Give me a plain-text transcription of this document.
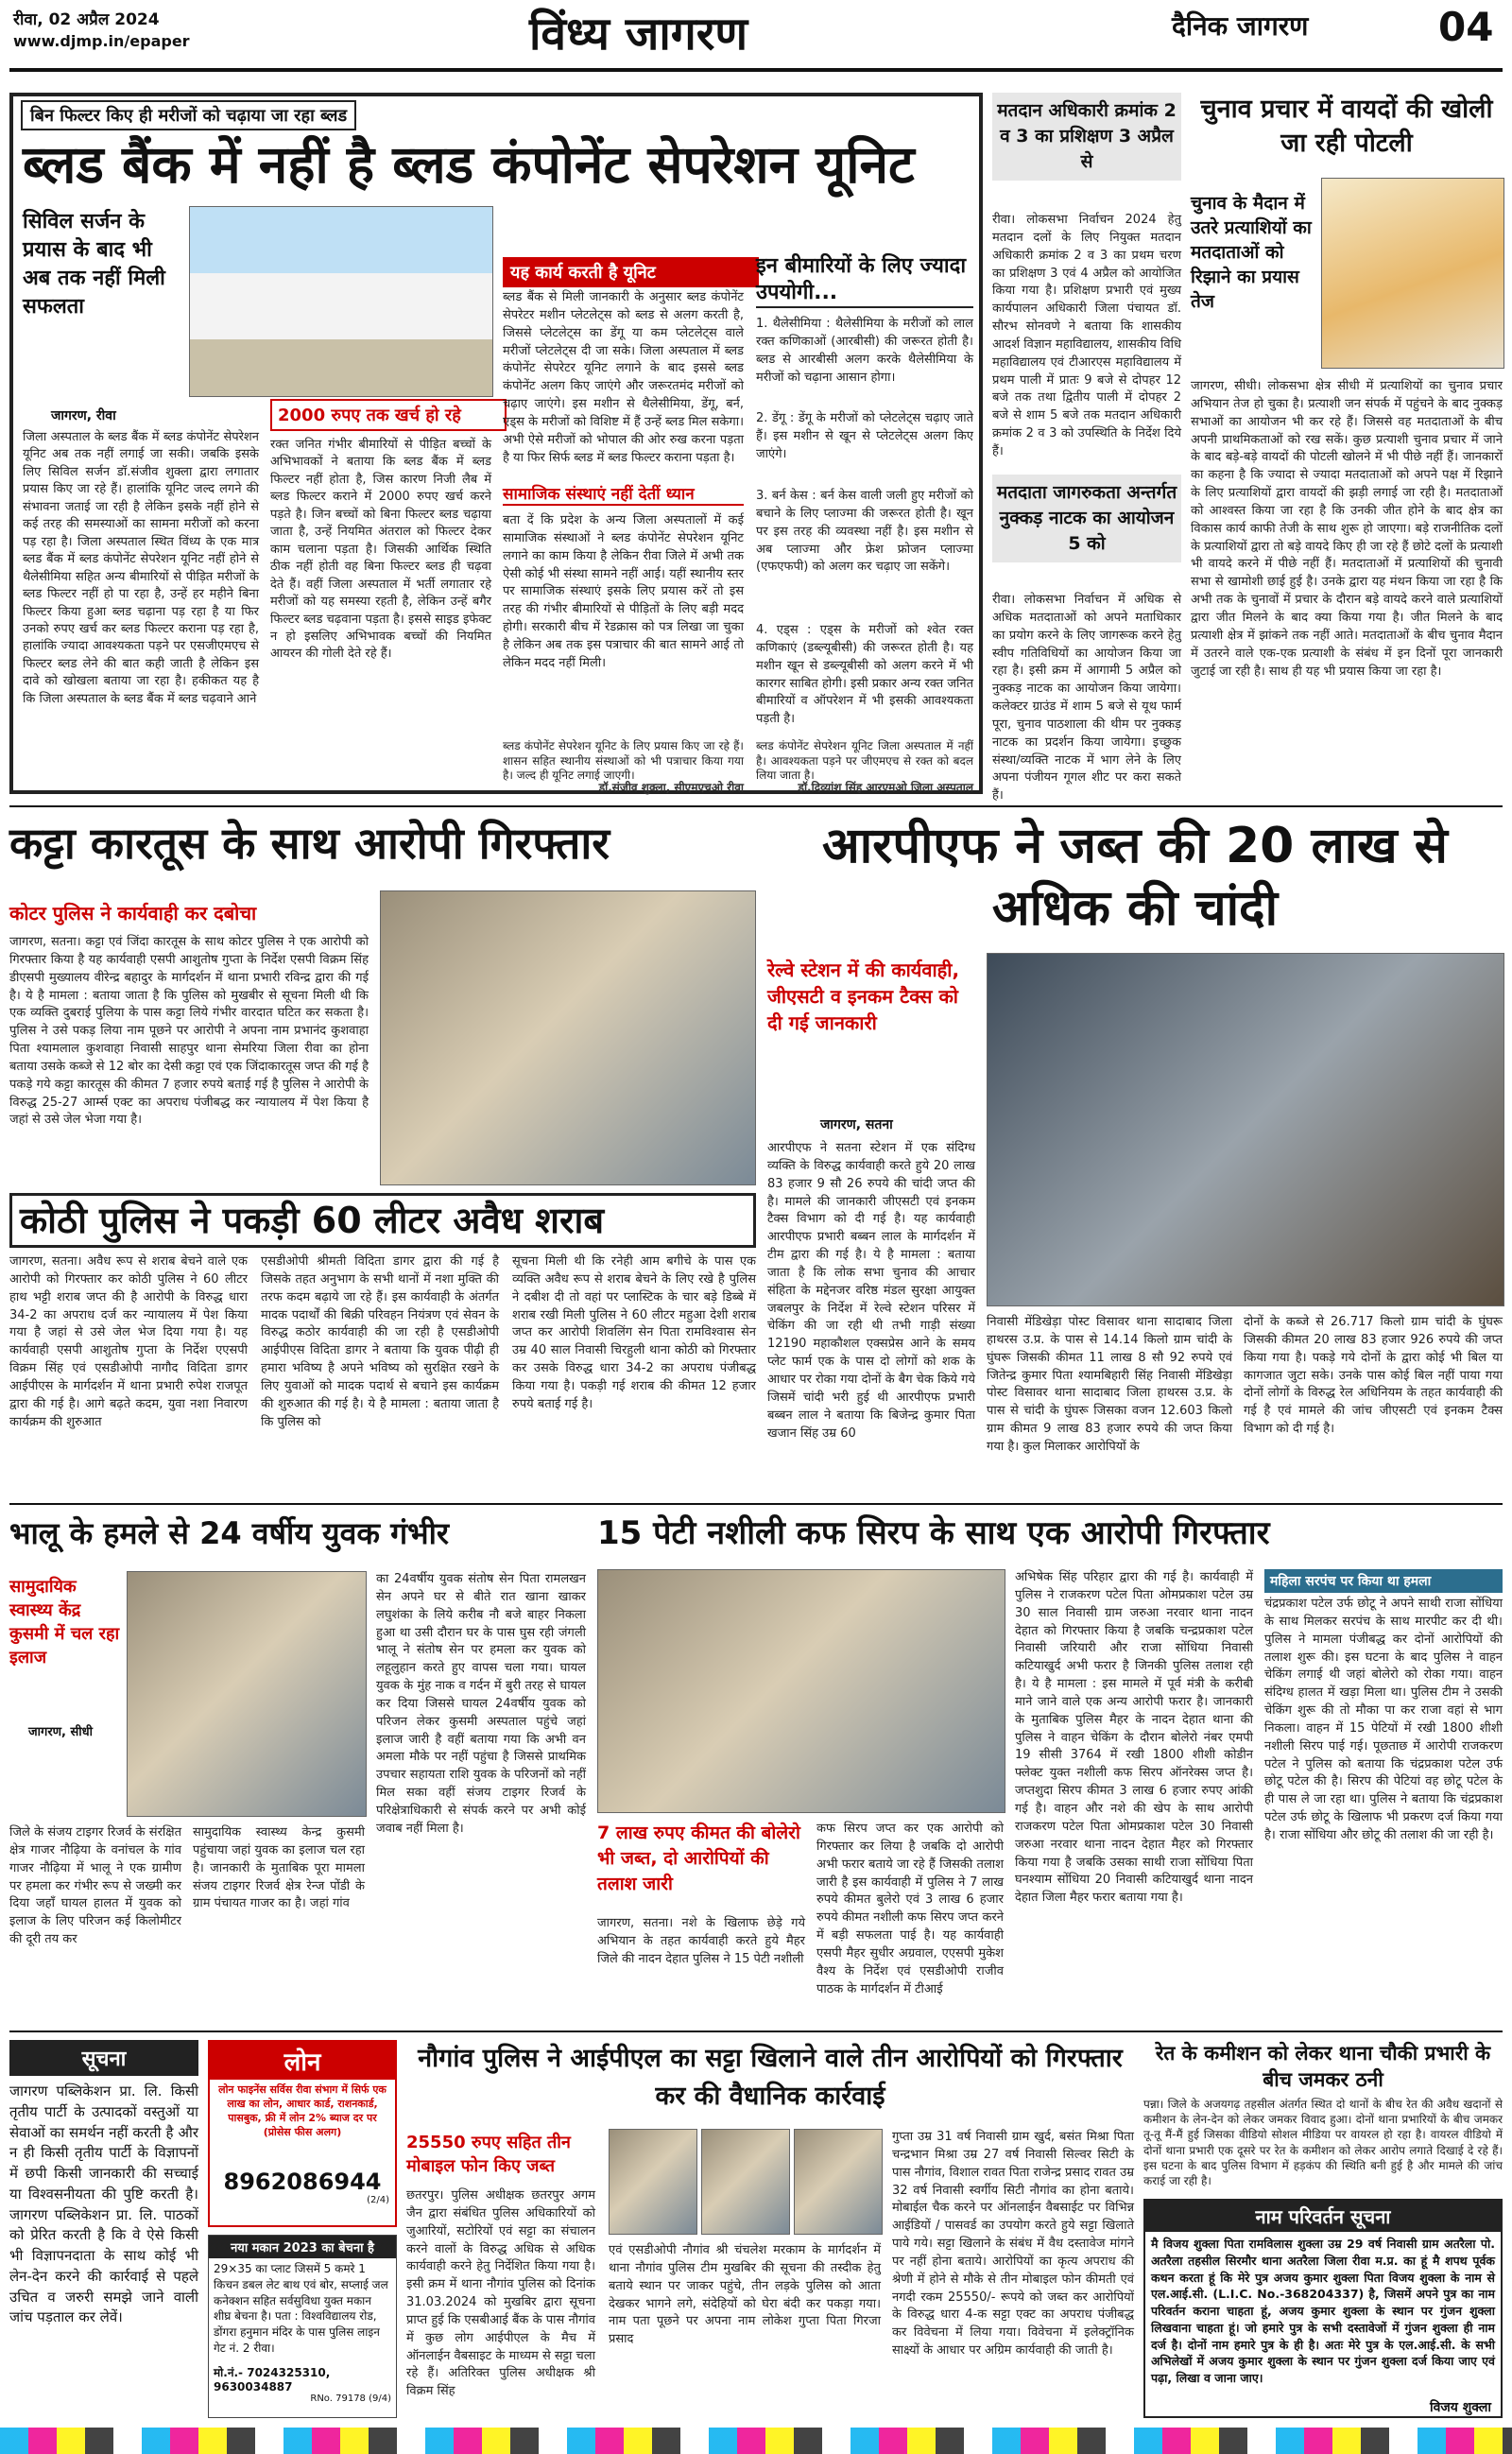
रीवा, 02 अप्रैल 2024
www.djmp.in/epaper	विंध्य जागरण	दैनिक जागरण	04
बिन फिल्टर किए ही मरीजों को चढ़ाया जा रहा ब्लड
ब्लड बैंक में नहीं है ब्लड कंपोनेंट सेपरेशन यूनिट
सिविल सर्जन के प्रयास के बाद भी अब तक नहीं मिली सफलता
जागरण, रीवा
जिला अस्पताल के ब्लड बैंक में ब्लड कंपोनेंट सेपरेशन यूनिट अब तक नहीं लगाई जा सकी। जबकि इसके लिए सिविल सर्जन डॉ.संजीव शुक्ला द्वारा लगातार प्रयास किए जा रहे हैं। हालांकि यूनिट जल्द लगने की संभावना जताई जा रही है लेकिन इसके नहीं होने से कई तरह की समस्याओं का सामना मरीजों को करना पड़ रहा है। जिला अस्पताल स्थित विंध्य के एक मात्र ब्लड बैंक में ब्लड कंपोनेंट सेपरेशन यूनिट नहीं होने से थैलेसीमिया सहित अन्य बीमारियों से पीड़ित मरीजों के ब्लड फिल्टर नहीं हो पा रहा है, उन्हें हर महीने बिना फिल्टर किया हुआ ब्लड चढ़ाना पड़ रहा है या फिर उनको रुपए खर्च कर ब्लड फिल्टर कराना पड़ रहा है, हालांकि ज्यादा आवश्यकता पड़ने पर एसजीएमएच से फिल्टर ब्लड लेने की बात कही जाती है लेकिन इस दावे को खोखला बताया जा रहा है। हकीकत यह है कि जिला अस्पताल के ब्लड बैंक में ब्लड चढ़वाने आने
2000 रुपए तक खर्च हो रहे
रक्त जनित गंभीर बीमारियों से पीड़ित बच्चों के अभिभावकों ने बताया कि ब्लड बैंक में ब्लड फिल्टर नहीं होता है, जिस कारण निजी लैब में ब्लड फिल्टर कराने में 2000 रुपए खर्च करने पड़ते है। जिन बच्चों को बिना फिल्टर ब्लड चढ़ाया जाता है, उन्हें नियमित अंतराल को फिल्टर देकर काम चलाना पड़ता है। जिसकी आर्थिक स्थिति ठीक नहीं होती वह बिना फिल्टर ब्लड ही चढ़वा देते हैं। वहीं जिला अस्पताल में भर्ती लगातार रहे मरीजों को यह समस्या रहती है, लेकिन उन्हें बगैर फिल्टर ब्लड चढ़वाना पड़ता है। इससे साइड इफेक्ट न हो इसलिए अभिभावक बच्चों की नियमित आयरन की गोली देते रहे हैं।
यह कार्य करती है यूनिट
ब्लड बैंक से मिली जानकारी के अनुसार ब्लड कंपोनेंट सेपरेटर मशीन प्लेटलेट्स को ब्लड से अलग करती है, जिससे प्लेटलेट्स का डेंगू या कम प्लेटलेट्स वाले मरीजों प्लेटलेट्स दी जा सके। जिला अस्पताल में ब्लड कंपोनेंट सेपरेटर यूनिट लगाने के बाद इससे ब्लड कंपोनेंट अलग किए जाएंगे और जरूरतमंद मरीजों को चढ़ाए जाएंगे। इस मशीन से थैलेसीमिया, डेंगू, बर्न, एड्स के मरीजों को विशिष्ट में हैं उन्हें ब्लड मिल सकेगा। अभी ऐसे मरीजों को भोपाल की ओर रुख करना पड़ता है या फिर सिर्फ ब्लड में ब्लड फिल्टर कराना पड़ता है।
सामाजिक संस्थाएं नहीं देतीं ध्यान
बता दें कि प्रदेश के अन्य जिला अस्पतालों में कई सामाजिक संस्थाओं ने ब्लड कंपोनेंट सेपरेशन यूनिट लगाने का काम किया है लेकिन रीवा जिले में अभी तक ऐसी कोई भी संस्था सामने नहीं आई। यहीं स्थानीय स्तर पर सामाजिक संस्थाएं इसके लिए प्रयास करें तो इस तरह की गंभीर बीमारियों से पीड़ितों के लिए बड़ी मदद होगी। सरकारी बीच में रेडक्रास को पत्र लिखा जा चुका है लेकिन अब तक इस पत्राचार की बात सामने आई तो लेकिन मदद नहीं मिली।
ब्लड कंपोनेंट सेपरेशन यूनिट के लिए प्रयास किए जा रहे हैं। शासन सहित स्थानीय संस्थाओं को भी पत्राचार किया गया है। जल्द ही यूनिट लगाई जाएगी।
डॉ.संजीव शुक्ला, सीएमएचओ रीवा
इन बीमारियों के लिए ज्यादा उपयोगी...
1. थैलेसीमिया : थैलेसीमिया के मरीजों को लाल रक्त कणिकाओं (आरबीसी) की जरूरत होती है। ब्लड से आरबीसी अलग करके थैलेसीमिया के मरीजों को चढ़ाना आसान होगा।
2. डेंगू : डेंगू के मरीजों को प्लेटलेट्स चढ़ाए जाते हैं। इस मशीन से खून से प्लेटलेट्स अलग किए जाएंगे।
3. बर्न केस : बर्न केस वाली जली हुए मरीजों को बचाने के लिए प्लाज्मा की जरूरत होती है। खून पर इस तरह की व्यवस्था नहीं है। इस मशीन से अब प्लाज्मा और फ्रेश फ्रोजन प्लाज्मा (एफएफपी) को अलग कर चढ़ाए जा सकेंगे।
4. एड्स : एड्स के मरीजों को श्वेत रक्त कणिकाएं (डब्ल्यूबीसी) की जरूरत होती है। यह मशीन खून से डब्ल्यूबीसी को अलग करने में भी कारगर साबित होगी। इसी प्रकार अन्य रक्त जनित बीमारियों व ऑपरेशन में भी इसकी आवश्यकता पड़ती है।
ब्लड कंपोनेंट सेपरेशन यूनिट जिला अस्पताल में नहीं है। आवश्यकता पड़ने पर जीएमएच से रक्त को बदल लिया जाता है।
डॉ.दिव्यांश सिंह आरएमओ जिला अस्पताल
मतदान अधिकारी क्रमांक 2 व 3 का प्रशिक्षण 3 अप्रैल से
रीवा। लोकसभा निर्वाचन 2024 हेतु मतदान दलों के लिए नियुक्त मतदान अधिकारी क्रमांक 2 व 3 का प्रथम चरण का प्रशिक्षण 3 एवं 4 अप्रैल को आयोजित किया गया है। प्रशिक्षण प्रभारी एवं मुख्य कार्यपालन अधिकारी जिला पंचायत डॉ. सौरभ सोनवणे ने बताया कि शासकीय आदर्श विज्ञान महाविद्यालय, शासकीय विधि महाविद्यालय एवं टीआरएस महाविद्यालय में प्रथम पाली में प्रातः 9 बजे से दोपहर 12 बजे तक तथा द्वितीय पाली में दोपहर 2 बजे से शाम 5 बजे तक मतदान अधिकारी क्रमांक 2 व 3 को उपस्थिति के निर्देश दिये हैं।
मतदाता जागरुकता अन्तर्गत नुक्कड़ नाटक का आयोजन 5 को
रीवा। लोकसभा निर्वाचन में अधिक से अधिक मतदाताओं को अपने मताधिकार का प्रयोग करने के लिए जागरूक करने हेतु स्वीप गतिविधियों का आयोजन किया जा रहा है। इसी क्रम में आगामी 5 अप्रैल को नुक्कड़ नाटक का आयोजन किया जायेगा। कलेक्टर ग्राउंड में शाम 5 बजे से यूथ फार्म पूरा, चुनाव पाठशाला की थीम पर नुक्कड़ नाटक का प्रदर्शन किया जायेगा। इच्छुक संस्था/व्यक्ति नाटक में भाग लेने के लिए अपना पंजीयन गूगल शीट पर करा सकते हैं।
चुनाव प्रचार में वायदों की खोली जा रही पोटली
चुनाव के मैदान में उतरे प्रत्याशियों का मतदाताओं को रिझाने का प्रयास तेज
जागरण, सीधी। लोकसभा क्षेत्र सीधी में प्रत्याशियों का चुनाव प्रचार अभियान तेज हो चुका है। प्रत्याशी जन संपर्क में पहुंचने के बाद नुक्कड़ सभाओं का आयोजन भी कर रहे हैं। जिससे वह मतदाताओं के बीच अपनी प्राथमिकताओं को रख सकें। कुछ प्रत्याशी चुनाव प्रचार में जाने के बाद बड़े-बड़े वायदों की पोटली खोलने में भी पीछे नहीं हैं। जानकारों का कहना है कि ज्यादा से ज्यादा मतदाताओं को अपने पक्ष में रिझाने के लिए प्रत्याशियों द्वारा वायदों की झड़ी लगाई जा रही है। मतदाताओं को आश्वस्त किया जा रहा है कि उनकी जीत होने के बाद क्षेत्र का विकास कार्य काफी तेजी के साथ शुरू हो जाएगा। बड़े राजनीतिक दलों के प्रत्याशियों द्वारा तो बड़े वायदे किए ही जा रहे हैं छोटे दलों के प्रत्याशी भी वायदे करने में पीछे नहीं हैं। मतदाताओं में प्रत्याशियों की चुनावी सभा से खामोशी छाई हुई है। उनके द्वारा यह मंथन किया जा रहा है कि अभी तक के चुनावों में प्रचार के दौरान बड़े वायदे करने वाले प्रत्याशियों द्वारा जीत मिलने के बाद क्या किया गया है। जीत मिलने के बाद प्रत्याशी क्षेत्र में झांकने तक नहीं आते। मतदाताओं के बीच चुनाव मैदान में उतरने वाले एक-एक प्रत्याशी के संबंध में इन दिनों पूरा जानकारी जुटाई जा रही है। साथ ही यह भी प्रयास किया जा रहा है।
कट्टा कारतूस के साथ आरोपी गिरफ्तार
कोटर पुलिस ने कार्यवाही कर दबोचा
जागरण, सतना। कट्टा एवं जिंदा कारतूस के साथ कोटर पुलिस ने एक आरोपी को गिरफ्तार किया है यह कार्यवाही एसपी आशुतोष गुप्ता के निर्देश एसपी विक्रम सिंह डीएसपी मुख्यालय वीरेन्द्र बहादुर के मार्गदर्शन में थाना प्रभारी रविन्द्र द्वारा की गई है। ये है मामला : बताया जाता है कि पुलिस को मुखबीर से सूचना मिली थी कि एक व्यक्ति दुबराई पुलिया के पास कट्टा लिये गंभीर वारदात घटित कर सकता है। पुलिस ने उसे पकड़ लिया नाम पूछने पर आरोपी ने अपना नाम प्रभानंद कुशवाहा पिता श्यामलाल कुशवाहा निवासी साहपुर थाना सेमरिया जिला रीवा का होना बताया उसके कब्जे से 12 बोर का देसी कट्टा एवं एक जिंदाकारतूस जप्त की गई है पकड़े गये कट्टा कारतूस की कीमत 7 हजार रुपये बताई गई है पुलिस ने आरोपी के विरुद्ध 25-27 आर्म्स एक्ट का अपराध पंजीबद्ध कर न्यायालय में पेश किया है जहां से उसे जेल भेजा गया है।
आरपीएफ ने जब्त की 20 लाख से अधिक की चांदी
रेल्वे स्टेशन में की कार्यवाही, जीएसटी व इनकम टैक्स को दी गई जानकारी
जागरण, सतना
आरपीएफ ने सतना स्टेशन में एक संदिग्ध व्यक्ति के विरुद्ध कार्यवाही करते हुये 20 लाख 83 हजार 9 सौ 26 रुपये की चांदी जप्त की है। मामले की जानकारी जीएसटी एवं इनकम टैक्स विभाग को दी गई है। यह कार्यवाही आरपीएफ प्रभारी बब्बन लाल के मार्गदर्शन में टीम द्वारा की गई है। ये है मामला : बताया जाता है कि लोक सभा चुनाव की आचार संहिता के मद्देनजर वरिष्ठ मंडल सुरक्षा आयुक्त जबलपुर के निर्देश में रेल्वे स्टेशन परिसर में चेकिंग की जा रही थी तभी गाड़ी संख्या 12190 महाकौशल एक्सप्रेस आने के समय प्लेट फार्म एक के पास दो लोगों को शक के आधार पर रोका गया दोनों के बैग चेक किये गये जिसमें चांदी भरी हुई थी आरपीएफ प्रभारी बब्बन लाल ने बताया कि बिजेन्द्र कुमार पिता खजान सिंह उम्र 60
निवासी मेंडिखेड़ा पोस्ट विसावर थाना सादाबाद जिला हाथरस उ.प्र. के पास से 14.14 किलो ग्राम चांदी के घुंघरू जिसकी कीमत 11 लाख 8 सौ 92 रुपये एवं जितेन्द्र कुमार पिता श्यामबिहारी सिंह निवासी मेंडिखेड़ा पोस्ट विसावर थाना सादाबाद जिला हाथरस उ.प्र. के पास से चांदी के घुंघरू जिसका वजन 12.603 किलो ग्राम कीमत 9 लाख 83 हजार रुपये की जप्त किया गया है। कुल मिलाकर आरोपियों के
दोनों के कब्जे से 26.717 किलो ग्राम चांदी के घुंघरू जिसकी कीमत 20 लाख 83 हजार 926 रुपये की जप्त किया गया है। पकड़े गये दोनों के द्वारा कोई भी बिल या कागजात जुटा सके। उनके पास कोई बिल नहीं पाया गया दोनों लोगों के विरुद्ध रेल अधिनियम के तहत कार्यवाही की गई है एवं मामले की जांच जीएसटी एवं इनकम टैक्स विभाग को दी गई है।
कोठी पुलिस ने पकड़ी 60 लीटर अवैध शराब
जागरण, सतना। अवैध रूप से शराब बेचने वाले एक आरोपी को गिरफ्तार कर कोठी पुलिस ने 60 लीटर हाथ भट्टी शराब जप्त की है आरोपी के विरुद्ध धारा 34-2 का अपराध दर्ज कर न्यायालय में पेश किया गया है जहां से उसे जेल भेज दिया गया है। यह कार्यवाही एसपी आशुतोष गुप्ता के निर्देश एएसपी विक्रम सिंह एवं एसडीओपी नागौद विदिता डागर आईपीएस के मार्गदर्शन में थाना प्रभारी रुपेश राजपूत द्वारा की गई है। आगे बढ़ते कदम, युवा नशा निवारण कार्यक्रम की शुरुआत
एसडीओपी श्रीमती विदिता डागर द्वारा की गई है जिसके तहत अनुभाग के सभी थानों में नशा मुक्ति की तरफ कदम बढ़ाये जा रहे हैं। इस कार्यवाही के अंतर्गत मादक पदार्थों की बिक्री परिवहन नियंत्रण एवं सेवन के विरुद्ध कठोर कार्यवाही की जा रही है एसडीओपी आईपीएस विदिता डागर ने बताया कि युवक पीढ़ी ही हमारा भविष्य है अपने भविष्य को सुरक्षित रखने के लिए युवाओं को मादक पदार्थ से बचाने इस कार्यक्रम की शुरुआत की गई है। ये है मामला : बताया जाता है कि पुलिस को
सूचना मिली थी कि रनेही आम बगीचे के पास एक व्यक्ति अवैध रूप से शराब बेचने के लिए रखे है पुलिस ने दबीश दी तो वहां पर प्लास्टिक के चार बड़े डिब्बे में शराब रखी मिली पुलिस ने 60 लीटर महुआ देशी शराब जप्त कर आरोपी शिवलिंग सेन पिता रामविश्वास सेन उम्र 40 साल निवासी चिरहुली थाना कोठी को गिरफ्तार कर उसके विरुद्ध धारा 34-2 का अपराध पंजीबद्ध किया गया है। पकड़ी गई शराब की कीमत 12 हजार रुपये बताई गई है।
भालू के हमले से 24 वर्षीय युवक गंभीर
सामुदायिक स्वास्थ्य केंद्र कुसमी में चल रहा इलाज
जागरण, सीधी
जिले के संजय टाइगर रिजर्व के संरक्षित क्षेत्र गाजर नौढ़िया के वनांचल के गांव गाजर नौढ़िया में भालू ने एक ग्रामीण पर हमला कर गंभीर रूप से जख्मी कर दिया जहाँ घायल हालत में युवक को इलाज के लिए परिजन कई किलोमीटर की दूरी तय कर
सामुदायिक स्वास्थ्य केन्द्र कुसमी पहुंचाया जहां युवक का इलाज चल रहा है। जानकारी के मुताबिक पूरा मामला संजय टाइगर रिजर्व क्षेत्र रेन्ज पोंडी के ग्राम पंचायत गाजर का है। जहां गांव
का 24वर्षीय युवक संतोष सेन पिता रामलखन सेन अपने घर से बीते रात खाना खाकर लघुशंका के लिये करीब नौ बजे बाहर निकला हुआ था उसी दौरान घर के पास घुस रही जंगली भालू ने संतोष सेन पर हमला कर युवक को लहूलुहान करते हुए वापस चला गया। घायल युवक के मुंह नाक व गर्दन में बुरी तरह से घायल कर दिया जिससे घायल 24वर्षीय युवक को परिजन लेकर कुसमी अस्पताल पहुंचे जहां इलाज जारी है वहीं बताया गया कि अभी वन अमला मौके पर नहीं पहुंचा है जिससे प्राथमिक उपचार सहायता राशि युवक के परिजनों को नहीं मिल सका वहीं संजय टाइगर रिजर्व के परिक्षेत्राधिकारी से संपर्क करने पर अभी कोई जवाब नहीं मिला है।
15 पेटी नशीली कफ सिरप के साथ एक आरोपी गिरफ्तार
7 लाख रुपए कीमत की बोलेरो भी जब्त, दो आरोपियों की तलाश जारी
जागरण, सतना। नशे के खिलाफ छेड़े गये अभियान के तहत कार्यवाही करते हुये मैहर जिले की नादन देहात पुलिस ने 15 पेटी नशीली
कफ सिरप जप्त कर एक आरोपी को गिरफ्तार कर लिया है जबकि दो आरोपी अभी फरार बताये जा रहे हैं जिसकी तलाश जारी है इस कार्यवाही में पुलिस ने 7 लाख रुपये कीमत बुलेरो एवं 3 लाख 6 हजार रुपये कीमत नशीली कफ सिरप जप्त करने में बड़ी सफलता पाई है। यह कार्यवाही एसपी मैहर सुधीर अग्रवाल, एएसपी मुकेश वैश्य के निर्देश एवं एसडीओपी राजीव पाठक के मार्गदर्शन में टीआई
अभिषेक सिंह परिहार द्वारा की गई है। कार्यवाही में पुलिस ने राजकरण पटेल पिता ओमप्रकाश पटेल उम्र 30 साल निवासी ग्राम जरुआ नरवार थाना नादन देहात को गिरफ्तार किया है जबकि चन्द्रप्रकाश पटेल निवासी जरियारी और राजा सोंधिया निवासी कटियाखुर्द अभी फरार है जिनकी पुलिस तलाश रही है। ये है मामला : इस मामले में पूर्व मंत्री के करीबी माने जाने वाले एक अन्य आरोपी फरार है। जानकारी के मुताबिक पुलिस मैहर के नादन देहात थाना की पुलिस ने वाहन चेकिंग के दौरान बोलेरो नंबर एमपी 19 सीसी 3764 में रखी 1800 शीशी कोडीन फ्लेक्ट युक्त नशीली कफ सिरप ऑनरेक्स जप्त है। जप्तशुदा सिरप कीमत 3 लाख 6 हजार रुपए आंकी गई है। वाहन और नशे की खेप के साथ आरोपी राजकरण पटेल पिता ओमप्रकाश पटेल 30 निवासी जरुआ नरवार थाना नादन देहात मैहर को गिरफ्तार किया गया है जबकि उसका साथी राजा सोंधिया पिता घनश्याम सोंधिया 20 निवासी कटियाखुर्द थाना नादन देहात जिला मैहर फरार बताया गया है।
महिला सरपंच पर किया था हमला
चंद्रप्रकाश पटेल उर्फ छोटू ने अपने साथी राजा सोंधिया के साथ मिलकर सरपंच के साथ मारपीट कर दी थी। पुलिस ने मामला पंजीबद्ध कर दोनों आरोपियों की तलाश शुरू की। इस घटना के बाद पुलिस ने वाहन चेकिंग लगाई थी जहां बोलेरो को रोका गया। वाहन संदिग्ध हालत में खड़ा मिला था। पुलिस टीम ने उसकी चेकिंग शुरू की तो मौका पा कर राजा वहां से भाग निकला। वाहन में 15 पेटियों में रखी 1800 शीशी नशीली सिरप पाई गई। पूछताछ में आरोपी राजकरण पटेल ने पुलिस को बताया कि चंद्रप्रकाश पटेल उर्फ छोटू पटेल की है। सिरप की पेटियां वह छोटू पटेल के ही पास ले जा रहा था। पुलिस ने बताया कि चंद्रप्रकाश पटेल उर्फ छोटू के खिलाफ भी प्रकरण दर्ज किया गया है। राजा सोंधिया और छोटू की तलाश की जा रही है।
सूचना
जागरण पब्लिकेशन प्रा. लि. किसी तृतीय पार्टी के उत्पादकों वस्तुओं या सेवाओं का समर्थन नहीं करती है और न ही किसी तृतीय पार्टी के विज्ञापनों में छपी किसी जानकारी की सच्चाई या विश्वसनीयता की पुष्टि करती है। जागरण पब्लिकेशन प्रा. लि. पाठकों को प्रेरित करती है कि वे ऐसे किसी भी विज्ञापनदाता के साथ कोई भी लेन-देन करने की कार्रवाई से पहले उचित व जरुरी समझे जाने वाली जांच पड़ताल कर लेवें।
लोन
लोन फाइनेंस सर्विस रीवा संभाग में सिर्फ एक लाख का लोन, आधार कार्ड, राशनकार्ड, पासबुक, फ्री में लोन 2% ब्याज दर पर (प्रोसेस फीस अलग)
8962086944
(2/4)
नया मकान 2023 का बेचना है
29×35 का प्लाट जिसमें 5 कमरे 1 किचन डबल लेट बाथ एवं बोर, सप्लाई जल कनेक्शन सहित सर्वसुविधा युक्त मकान शीघ्र बेचना है। पता : विश्वविद्यालय रोड, डोंगरा हनुमान मंदिर के पास पुलिस लाइन गेट नं. 2 रीवा।
मो.नं.- 7024325310, 9630034887
RNo. 79178 (9/4)
नौगांव पुलिस ने आईपीएल का सट्टा खिलाने वाले तीन आरोपियों को गिरफ्तार कर की वैधानिक कार्रवाई
25550 रुपए सहित तीन मोबाइल फोन किए जब्त
छतरपुर। पुलिस अधीक्षक छतरपुर अगम जैन द्वारा संबंधित पुलिस अधिकारियों को जुआरियों, सटोरियों एवं सट्टा का संचालन करने वालों के विरुद्ध अधिक से अधिक कार्यवाही करने हेतु निर्देशित किया गया है। इसी क्रम में थाना नौगांव पुलिस को दिनांक 31.03.2024 को मुखबिर द्वारा सूचना प्राप्त हुई कि एसबीआई बैंक के पास नौगांव में कुछ लोग आईपीएल के मैच में ऑनलाईन वैबसाइट के माध्यम से सट्टा चला रहे हैं। अतिरिक्त पुलिस अधीक्षक श्री विक्रम सिंह
एवं एसडीओपी नौगांव श्री चंचलेश मरकाम के मार्गदर्शन में थाना नौगांव पुलिस टीम मुखबिर की सूचना की तस्दीक हेतु बताये स्थान पर जाकर पहुंचे, तीन लड़के पुलिस को आता देखकर भागने लगे, संदेहियों को घेरा बंदी कर पकड़ा गया। नाम पता पूछने पर अपना नाम लोकेश गुप्ता पिता गिरजा प्रसाद
गुप्ता उम्र 31 वर्ष निवासी ग्राम खुर्द, बसंत मिश्रा पिता चन्द्रभान मिश्रा उम्र 27 वर्ष निवासी सिल्वर सिटी के पास नौगांव, विशाल रावत पिता राजेन्द्र प्रसाद रावत उम्र 32 वर्ष निवासी स्वर्गीय सिटी नौगांव का होना बताये। मोबाईल चैक करने पर ऑनलाईन वैबसाईट पर विभिन्न आईडियों / पासवर्ड का उपयोग करते हुये सट्टा खिलाते पाये गये। सट्टा खिलाने के संबंध में वैध दस्तावेज मांगने पर नहीं होना बताये। आरोपियों का कृत्य अपराध की श्रेणी में होने से मौके से तीन मोबाइल फोन कीमती एवं नगदी रकम 25550/- रूपये को जब्त कर आरोपियों के विरुद्ध धारा 4-क सट्टा एक्ट का अपराध पंजीबद्ध कर विवेचना में लिया गया। विवेचना में इलेक्ट्रॉनिक साक्ष्यों के आधार पर अग्रिम कार्यवाही की जाती है।
रेत के कमीशन को लेकर थाना चौकी प्रभारी के बीच जमकर ठनी
पन्ना। जिले के अजयगढ़ तहसील अंतर्गत स्थित दो थानों के बीच रेत की अवैध खदानों से कमीशन के लेन-देन को लेकर जमकर विवाद हुआ। दोनों थाना प्रभारियों के बीच जमकर तू-तू मैं-मैं हुई जिसका वीडियो सोशल मीडिया पर वायरल हो रहा है। वायरल वीडियो में दोनों थाना प्रभारी एक दूसरे पर रेत के कमीशन को लेकर आरोप लगाते दिखाई दे रहे हैं। इस घटना के बाद पुलिस विभाग में हड़कंप की स्थिति बनी हुई है और मामले की जांच कराई जा रही है।
नाम परिवर्तन सूचना
मै विजय शुक्ला पिता रामविलास शुक्ला उम्र 29 वर्ष निवासी ग्राम अतरैला पो. अतरैला तहसील सिरमौर थाना अतरैला जिला रीवा म.प्र. का हूं मै शपथ पूर्वक कथन करता हूं कि मेरे पुत्र अजय कुमार शुक्ला पिता विजय शुक्ला के नाम से एल.आई.सी. (L.I.C. No.-368204337) है, जिसमें अपने पुत्र का नाम परिवर्तन कराना चाहता हूं, अजय कुमार शुक्ला के स्थान पर गुंजन शुक्ला लिखवाना चाहता हूं। जो हमारे पुत्र के सभी दस्तावेजों में गुंजन शुक्ला ही नाम दर्ज है। दोनों नाम हमारे पुत्र के ही है। अतः मेरे पुत्र के एल.आई.सी. के सभी अभिलेखों में अजय कुमार शुक्ला के स्थान पर गुंजन शुक्ला दर्ज किया जाए एवं पढ़ा, लिखा व जाना जाए।
विजय शुक्ला
